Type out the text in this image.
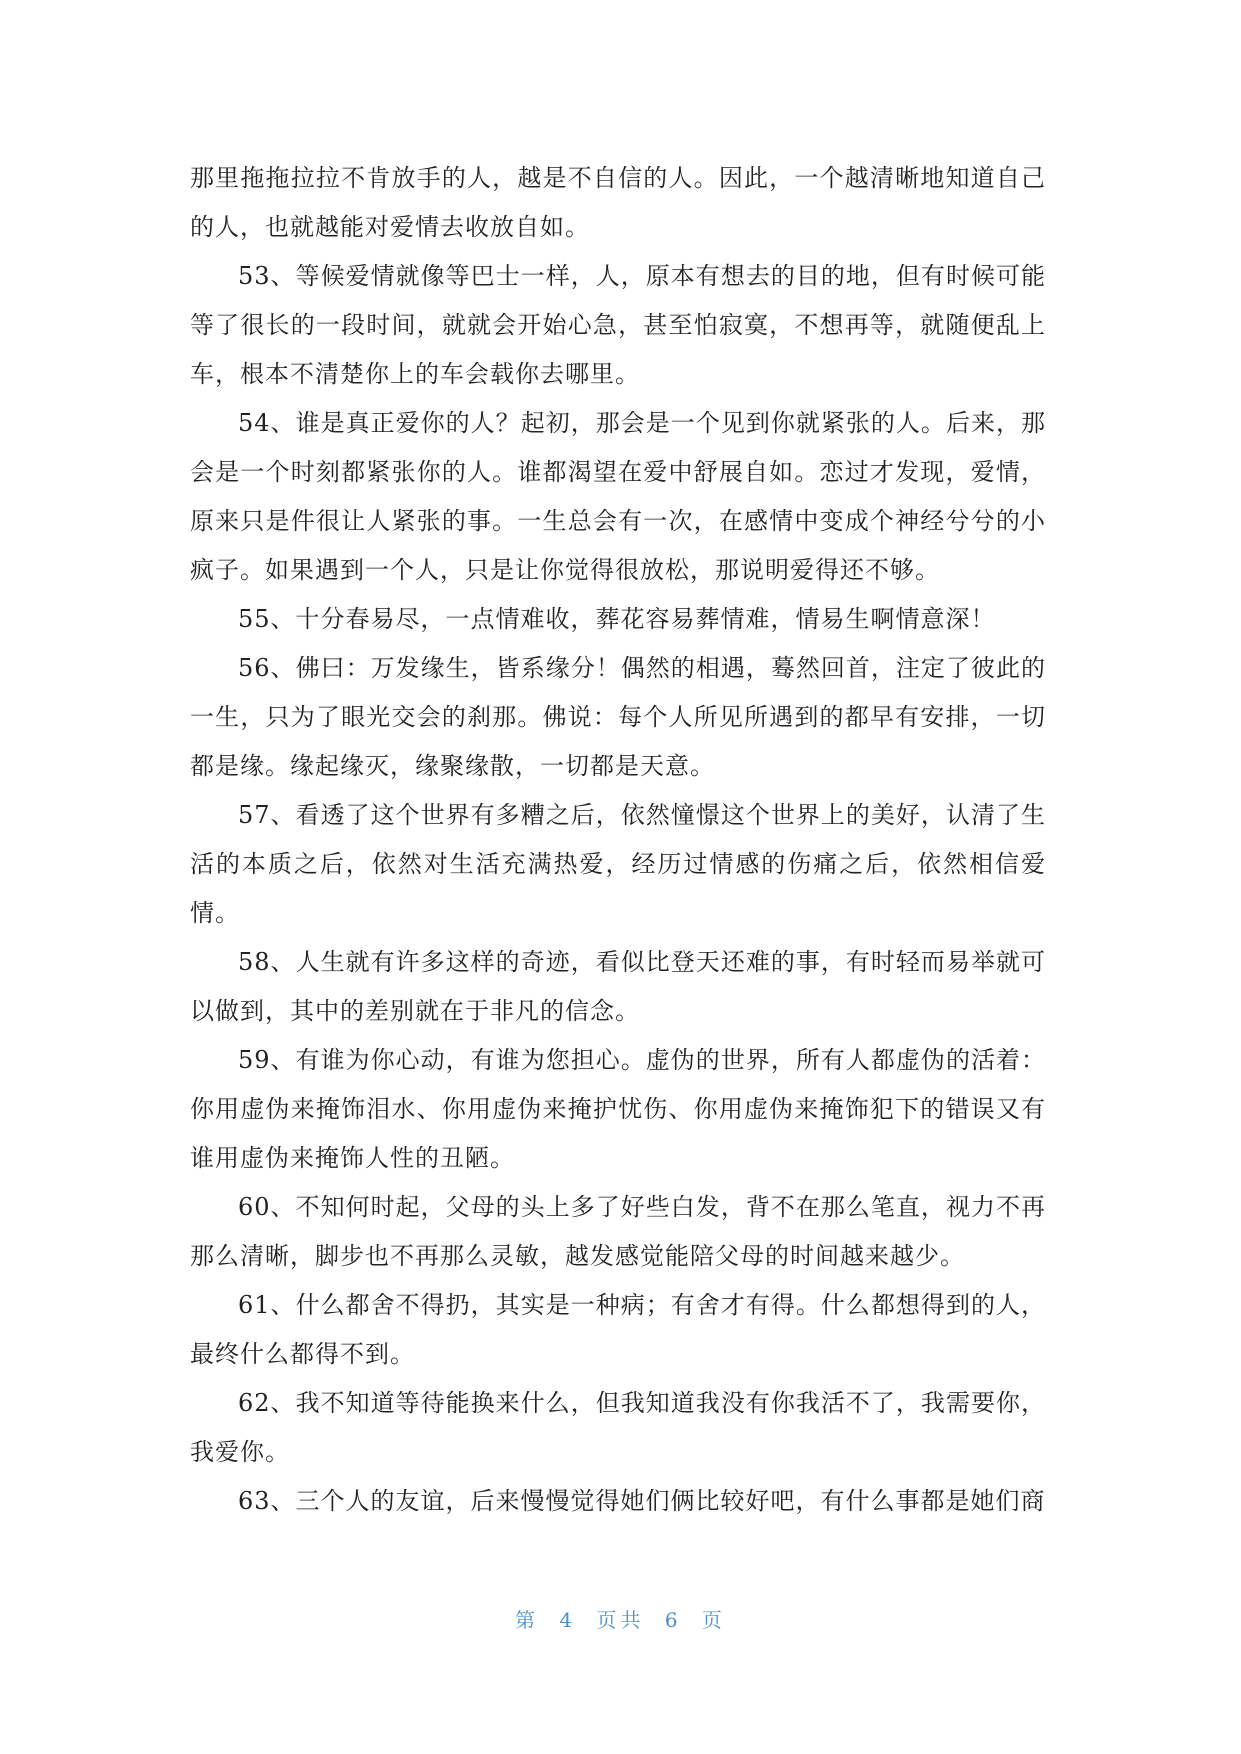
那里拖拖拉拉不肯放手的人，越是不自信的人。因此，一个越清晰地知道自己的人，也就越能对爱情去收放自如。

53、等候爱情就像等巴士一样，人，原本有想去的目的地，但有时候可能等了很长的一段时间，就就会开始心急，甚至怕寂寞，不想再等，就随便乱上车，根本不清楚你上的车会载你去哪里。

54、谁是真正爱你的人？起初，那会是一个见到你就紧张的人。后来，那会是一个时刻都紧张你的人。谁都渴望在爱中舒展自如。恋过才发现，爱情，原来只是件很让人紧张的事。一生总会有一次，在感情中变成个神经兮兮的小疯子。如果遇到一个人，只是让你觉得很放松，那说明爱得还不够。

55、十分春易尽，一点情难收，葬花容易葬情难，情易生啊情意深！

56、佛曰：万发缘生，皆系缘分！偶然的相遇，蓦然回首，注定了彼此的一生，只为了眼光交会的刹那。佛说：每个人所见所遇到的都早有安排，一切都是缘。缘起缘灭，缘聚缘散，一切都是天意。

57、看透了这个世界有多糟之后，依然憧憬这个世界上的美好，认清了生活的本质之后，依然对生活充满热爱，经历过情感的伤痛之后，依然相信爱情。

58、人生就有许多这样的奇迹，看似比登天还难的事，有时轻而易举就可以做到，其中的差别就在于非凡的信念。

59、有谁为你心动，有谁为您担心。虚伪的世界，所有人都虚伪的活着：你用虚伪来掩饰泪水、你用虚伪来掩护忧伤、你用虚伪来掩饰犯下的错误又有谁用虚伪来掩饰人性的丑陋。

60、不知何时起，父母的头上多了好些白发，背不在那么笔直，视力不再那么清晰，脚步也不再那么灵敏，越发感觉能陪父母的时间越来越少。

61、什么都舍不得扔，其实是一种病；有舍才有得。什么都想得到的人，最终什么都得不到。

62、我不知道等待能换来什么，但我知道我没有你我活不了，我需要你，我爱你。

63、三个人的友谊，后来慢慢觉得她们俩比较好吧，有什么事都是她们商

第 4 页共 6 页
